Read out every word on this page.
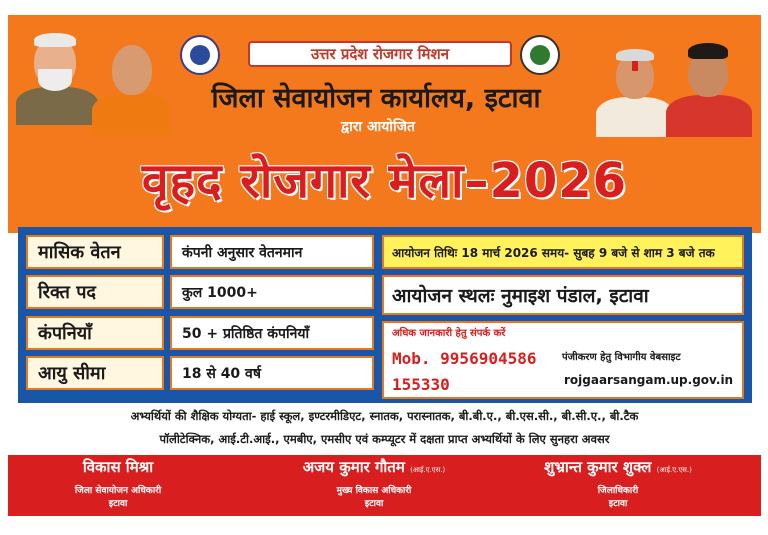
उत्तर प्रदेश रोजगार मिशन
जिला सेवायोजन कार्यालय, इटावा
द्वारा आयोजित
वृहद रोजगार मेला–2026
मासिक वेतन	कंपनी अनुसार वेतनमान
रिक्त पद	कुल 1000+
कंपनियाँ	50 + प्रतिष्ठित कंपनियाँ
आयु सीमा	18 से 40 वर्ष
आयोजन तिथिः 18 मार्च 2026 समय- सुबह 9 बजे से शाम 3 बजे तक
आयोजन स्थलः नुमाइश पंडाल, इटावा
अधिक जानकारी हेतु संपर्क करें
Mob. 9956904586
155330
पंजीकरण हेतु विभागीय वेबसाइट
rojgaarsangam.up.gov.in
अभ्यर्थियों की शैक्षिक योग्यता- हाई स्कूल, इण्टरमीडिएट, स्नातक, परास्नातक, बी.बी.ए., बी.एस.सी., बी.सी.ए., बी.टैक
पॉलीटेक्निक, आई.टी.आई., एमबीए, एमसीए एवं कम्प्यूटर में दक्षता प्राप्त अभ्यर्थियों के लिए सुनहरा अवसर
विकास मिश्रा
जिला सेवायोजन अधिकारी
इटावा
अजय कुमार गौतम (आई.ए.एस.)
मुख्य विकास अधिकारी
इटावा
शुभ्रान्त कुमार शुक्ल (आई.ए.एस.)
जिलाधिकारी
इटावा
